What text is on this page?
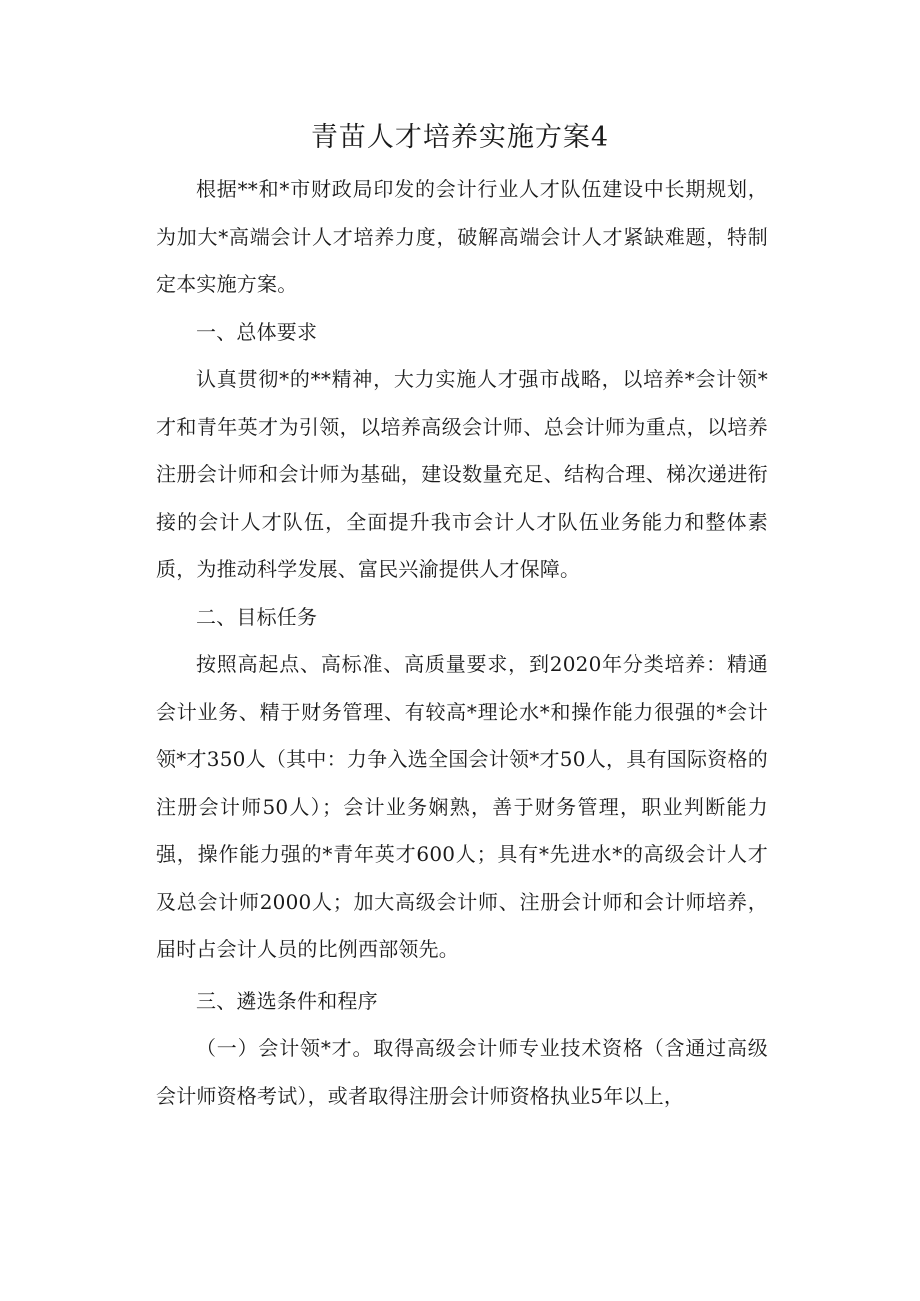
青苗人才培养实施方案4

根据**和*市财政局印发的会计行业人才队伍建设中长期规划，为加大*高端会计人才培养力度，破解高端会计人才紧缺难题，特制定本实施方案。

一、总体要求

认真贯彻*的**精神，大力实施人才强市战略，以培养*会计领*才和青年英才为引领，以培养高级会计师、总会计师为重点，以培养注册会计师和会计师为基础，建设数量充足、结构合理、梯次递进衔接的会计人才队伍，全面提升我市会计人才队伍业务能力和整体素质，为推动科学发展、富民兴渝提供人才保障。

二、目标任务

按照高起点、高标准、高质量要求，到2020年分类培养：精通会计业务、精于财务管理、有较高*理论水*和操作能力很强的*会计领*才350人（其中：力争入选全国会计领*才50人，具有国际资格的注册会计师50人）；会计业务娴熟，善于财务管理，职业判断能力强，操作能力强的*青年英才600人；具有*先进水*的高级会计人才及总会计师2000人；加大高级会计师、注册会计师和会计师培养，届时占会计人员的比例西部领先。

三、遴选条件和程序

（一）会计领*才。取得高级会计师专业技术资格（含通过高级会计师资格考试），或者取得注册会计师资格执业5年以上，
